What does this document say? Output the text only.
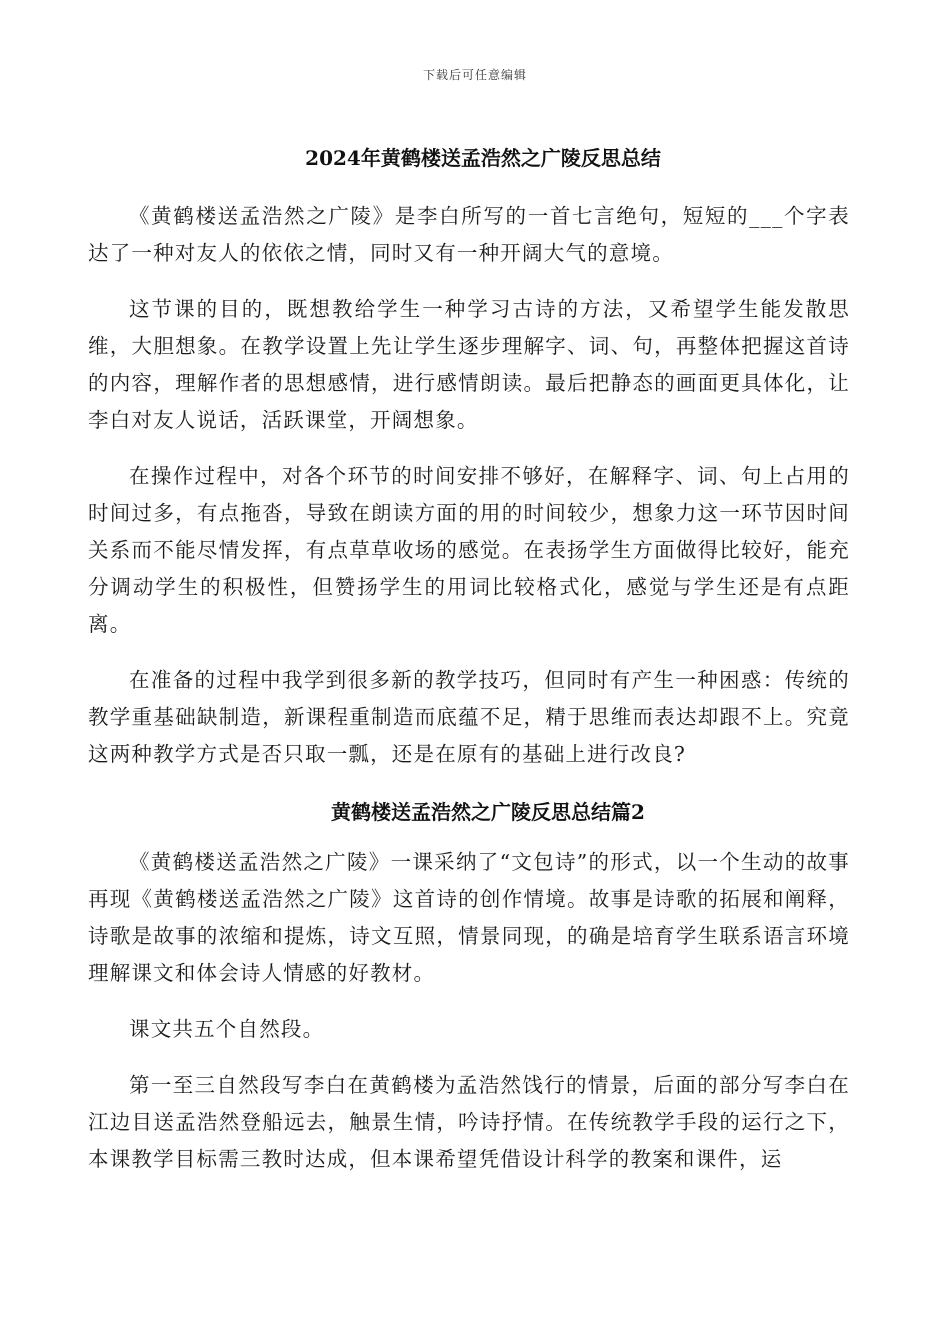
下载后可任意编辑
2024年黄鹤楼送孟浩然之广陵反思总结

《黄鹤楼送孟浩然之广陵》是李白所写的一首七言绝句，短短的___个字表达了一种对友人的依依之情，同时又有一种开阔大气的意境。

这节课的目的，既想教给学生一种学习古诗的方法，又希望学生能发散思维，大胆想象。在教学设置上先让学生逐步理解字、词、句，再整体把握这首诗的内容，理解作者的思想感情，进行感情朗读。最后把静态的画面更具体化，让李白对友人说话，活跃课堂，开阔想象。

在操作过程中，对各个环节的时间安排不够好，在解释字、词、句上占用的时间过多，有点拖沓，导致在朗读方面的用的时间较少，想象力这一环节因时间关系而不能尽情发挥，有点草草收场的感觉。在表扬学生方面做得比较好，能充分调动学生的积极性，但赞扬学生的用词比较格式化，感觉与学生还是有点距离。

在准备的过程中我学到很多新的教学技巧，但同时有产生一种困惑：传统的教学重基础缺制造，新课程重制造而底蕴不足，精于思维而表达却跟不上。究竟这两种教学方式是否只取一瓢，还是在原有的基础上进行改良?

黄鹤楼送孟浩然之广陵反思总结篇2

《黄鹤楼送孟浩然之广陵》一课采纳了“文包诗”的形式，以一个生动的故事再现《黄鹤楼送孟浩然之广陵》这首诗的创作情境。故事是诗歌的拓展和阐释，诗歌是故事的浓缩和提炼，诗文互照，情景同现，的确是培育学生联系语言环境理解课文和体会诗人情感的好教材。

课文共五个自然段。

第一至三自然段写李白在黄鹤楼为孟浩然饯行的情景，后面的部分写李白在江边目送孟浩然登船远去，触景生情，吟诗抒情。在传统教学手段的运行之下，本课教学目标需三教时达成，但本课希望凭借设计科学的教案和课件，运
